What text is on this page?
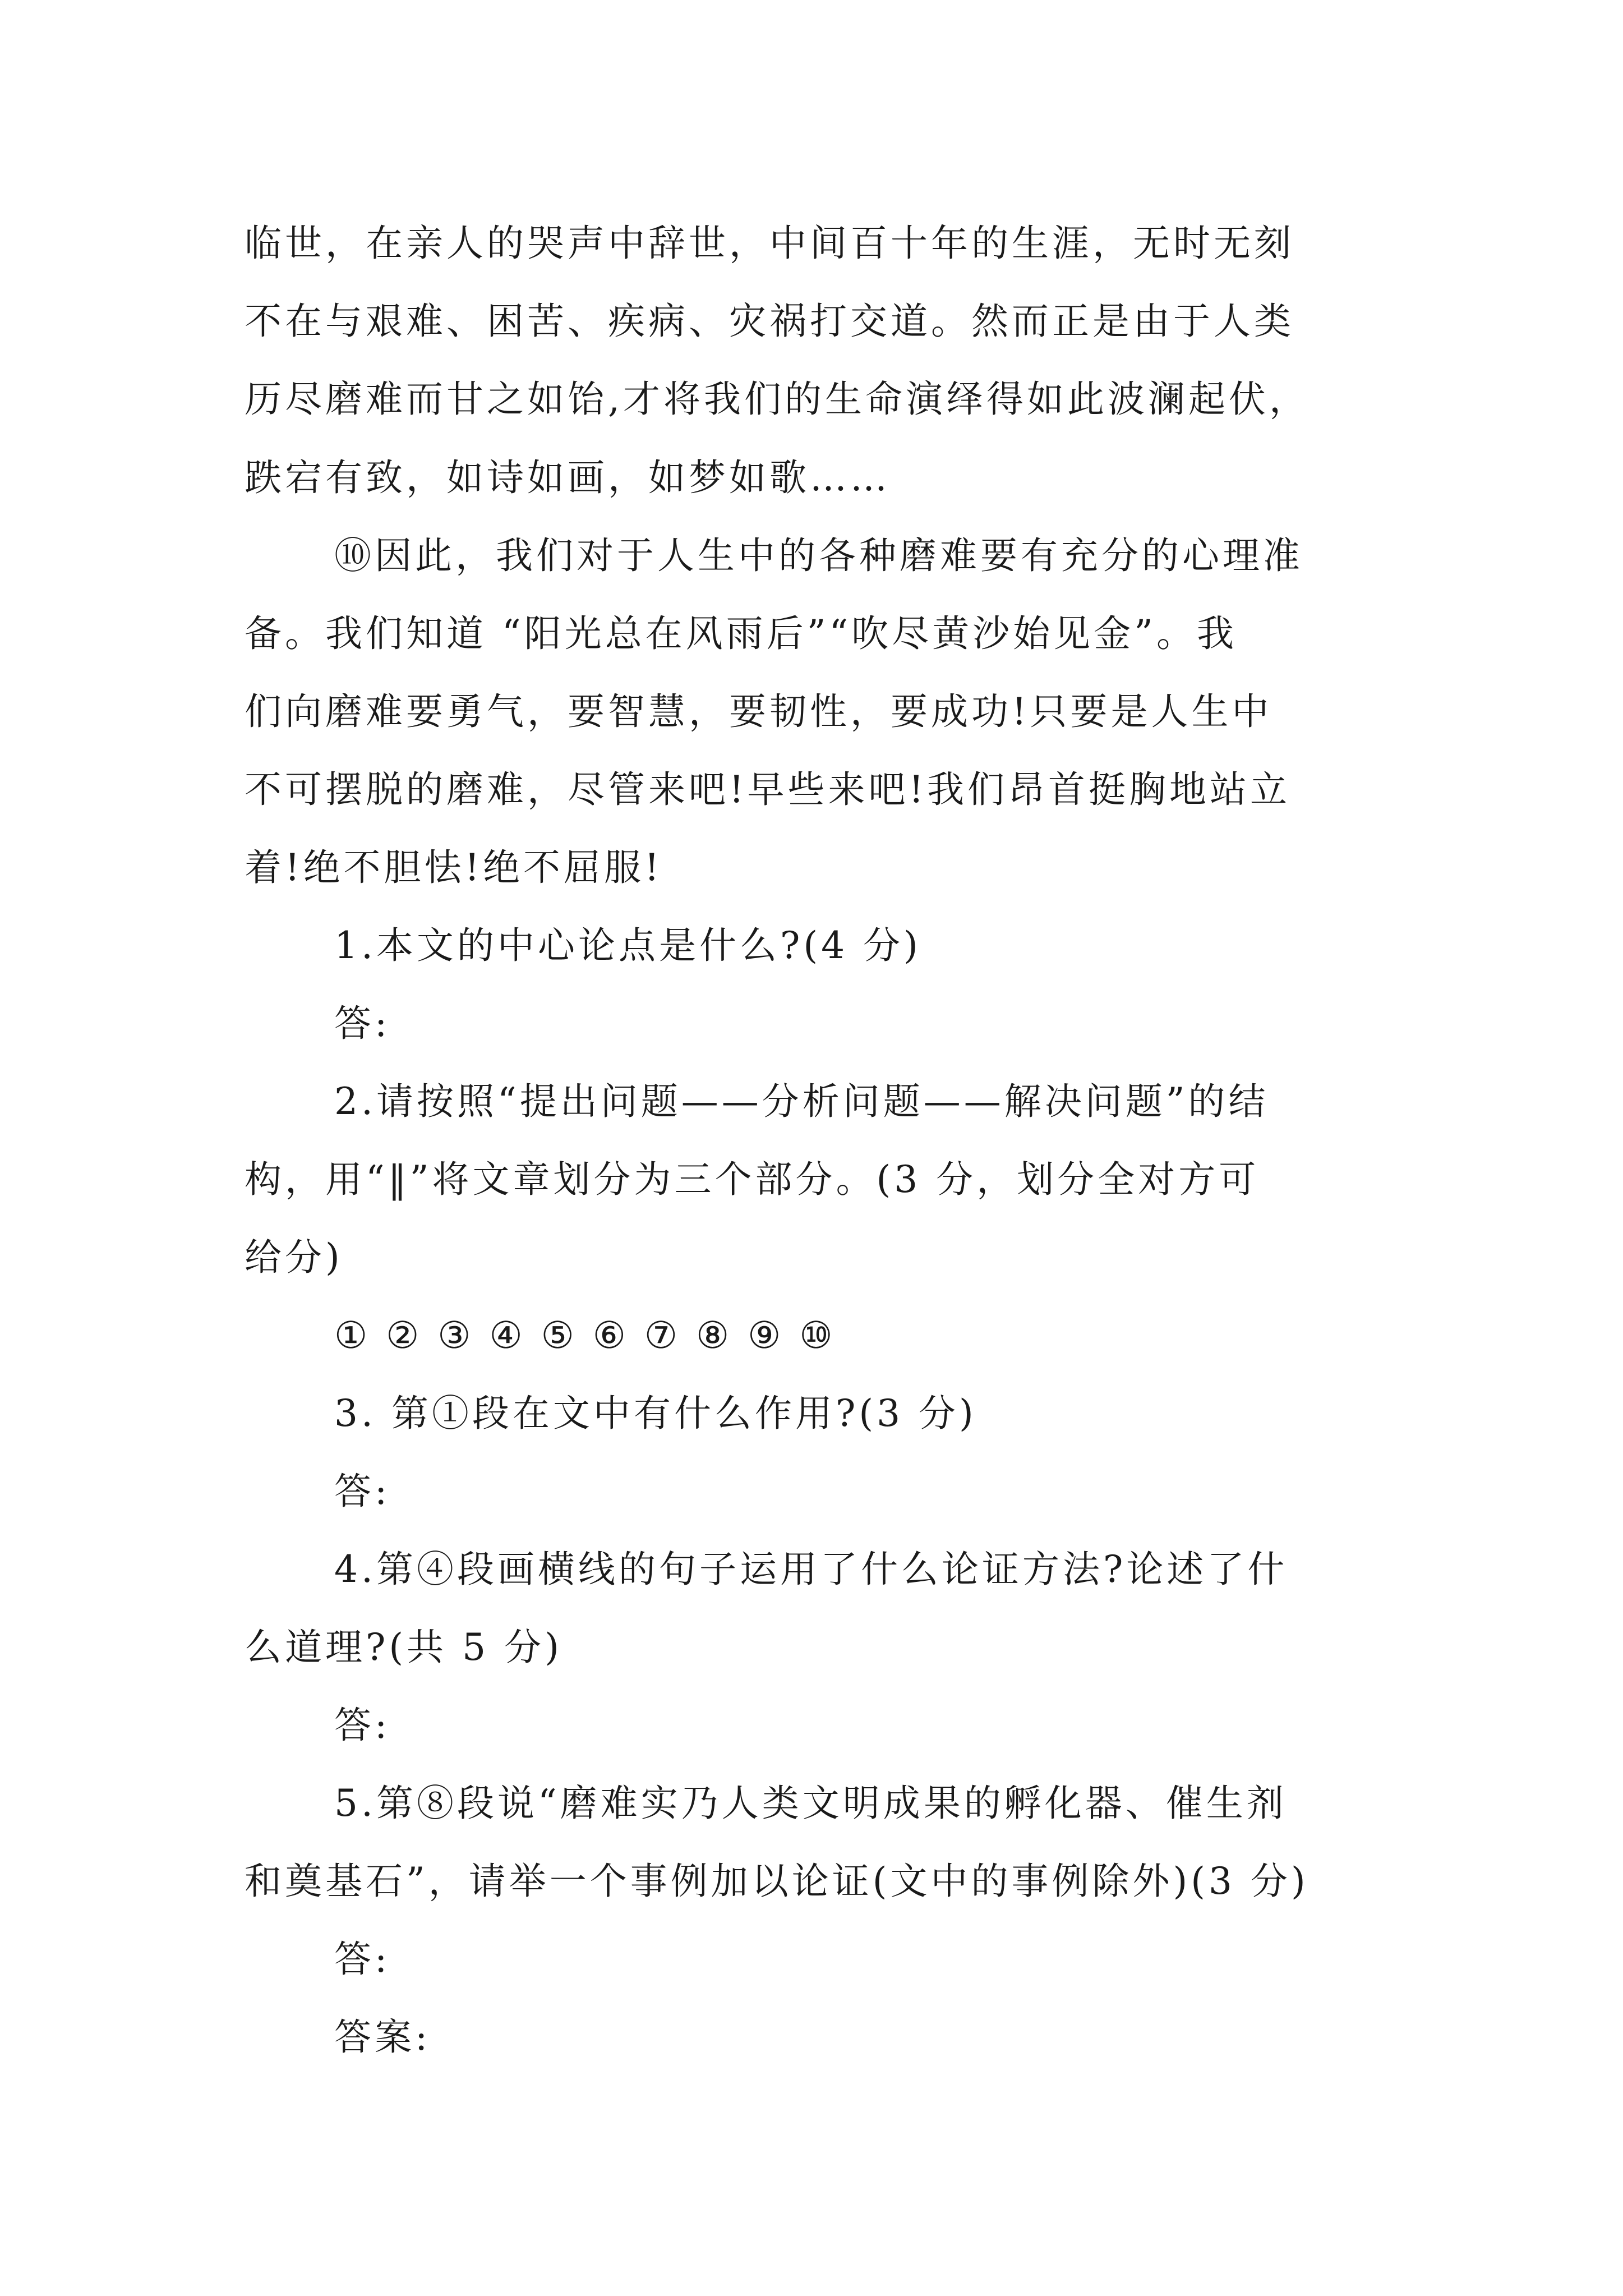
临世，在亲人的哭声中辞世，中间百十年的生涯，无时无刻
不在与艰难、困苦、疾病、灾祸打交道。然而正是由于人类
历尽磨难而甘之如饴,才将我们的生命演绎得如此波澜起伏，
跌宕有致，如诗如画，如梦如歌……
⑩因此，我们对于人生中的各种磨难要有充分的心理准
备。我们知道 “阳光总在风雨后”“吹尽黄沙始见金”。我
们向磨难要勇气，要智慧，要韧性，要成功!只要是人生中
不可摆脱的磨难，尽管来吧!早些来吧!我们昂首挺胸地站立
着!绝不胆怯!绝不屈服!
1.本文的中心论点是什么?(4 分)
答:
2.请按照“提出问题——分析问题——解决问题”的结
构，用“‖”将文章划分为三个部分。(3 分，划分全对方可
给分)
① ② ③ ④ ⑤ ⑥ ⑦ ⑧ ⑨ ⑩
3. 第①段在文中有什么作用?(3 分)
答:
4.第④段画横线的句子运用了什么论证方法?论述了什
么道理?(共 5 分)
答:
5.第⑧段说“磨难实乃人类文明成果的孵化器、催生剂
和奠基石”，请举一个事例加以论证(文中的事例除外)(3 分)
答:
答案:
